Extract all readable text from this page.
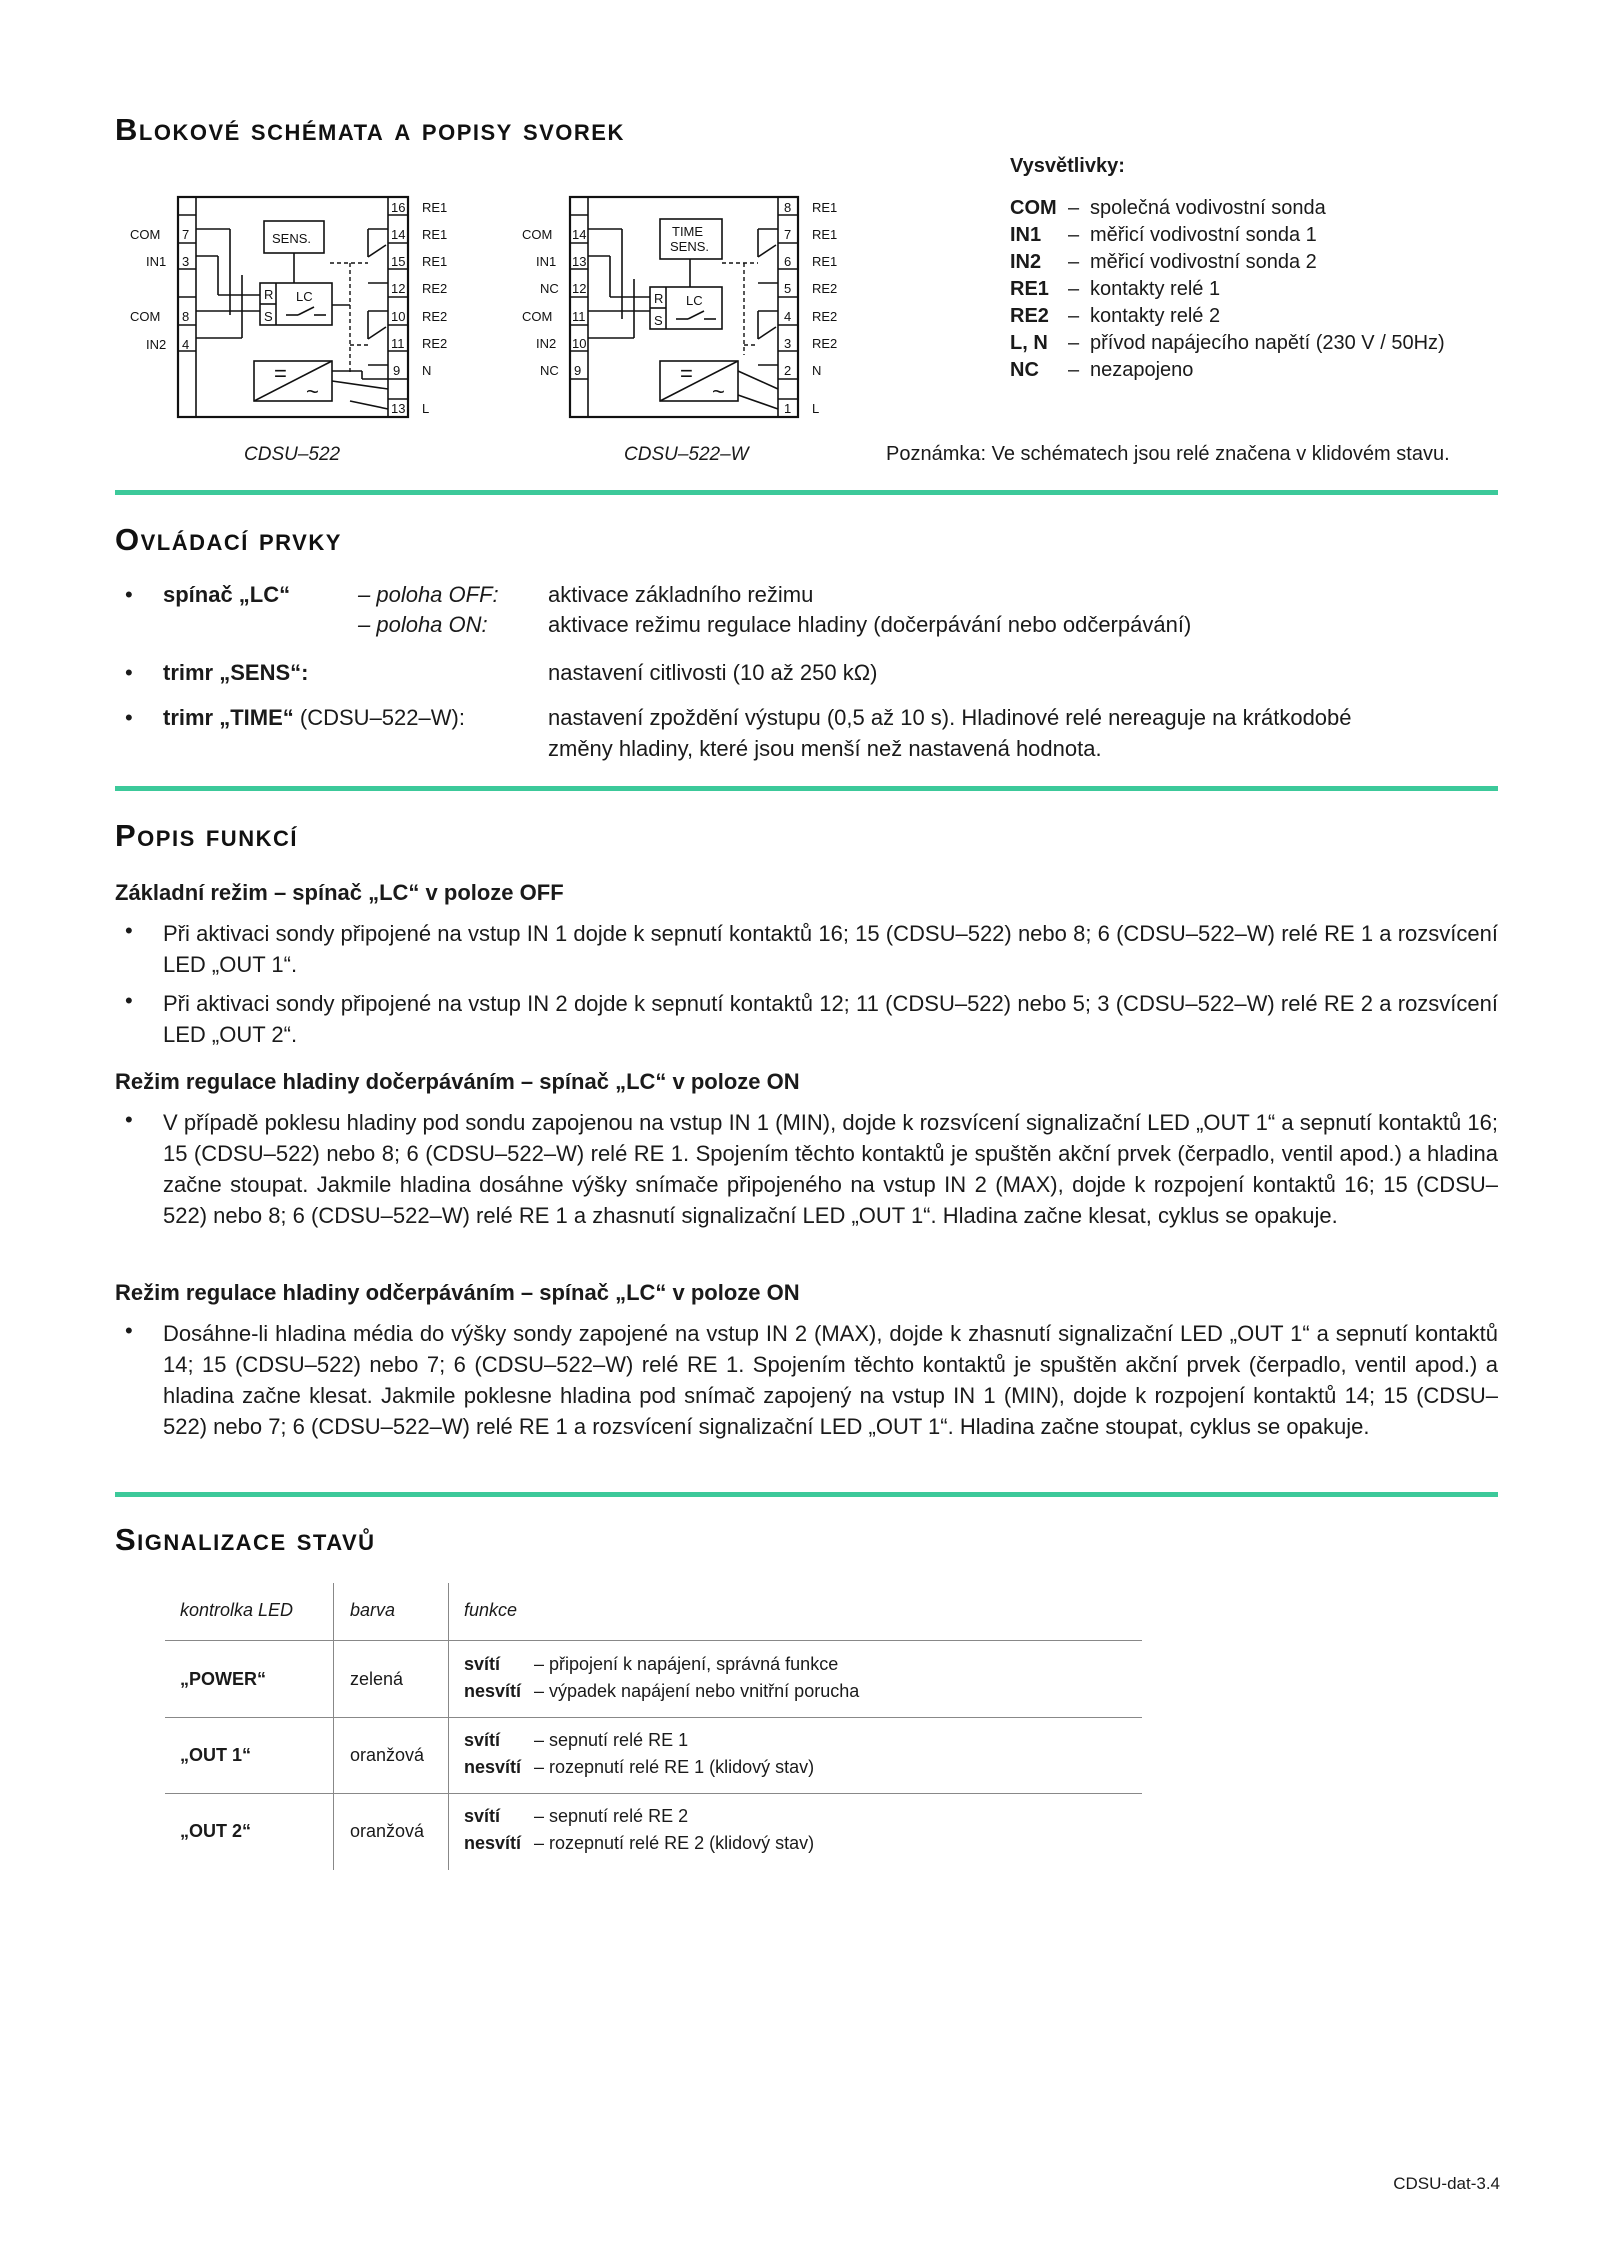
Blokové schémata a popisy svorek
COM
IN1
COM
IN2
7
3
8
4
16
14
15
12
10
11
9
13
RE1
RE1
RE1
RE2
RE2
RE2
N
L
SENS.
R
S
LC
=
~
CDSU–522
COM
IN1
NC
COM
IN2
NC
14
13
12
11
10
9
8
7
6
5
4
3
2
1
RE1
RE1
RE1
RE2
RE2
RE2
N
L
TIME
SENS.
R
S
LC
=
~
CDSU–522–W
Vysvětlivky:
COM – společná vodivostní sonda
IN1 – měřicí vodivostní sonda 1
IN2 – měřicí vodivostní sonda 2
RE1 – kontakty relé 1
RE2 – kontakty relé 2
L, N – přívod napájecího napětí (230 V / 50Hz)
NC – nezapojeno
Poznámka: Ve schématech jsou relé značena v klidovém stavu.
Ovládací prvky
• spínač „LC“	– poloha OFF: aktivace základního režimu
– poloha ON:	aktivace režimu regulace hladiny (dočerpávání nebo odčerpávání)
• trimr „SENS“:	nastavení citlivosti (10 až 250 kΩ)
• trimr „TIME“ (CDSU–522–W):	nastavení zpoždění výstupu (0,5 až 10 s). Hladinové relé nereaguje na krátkodobé
změny hladiny, které jsou menší než nastavená hodnota.
Popis funkcí
Základní režim – spínač „LC“ v poloze OFF
• Při aktivaci sondy připojené na vstup IN 1 dojde k sepnutí kontaktů 16; 15 (CDSU–522) nebo 8; 6 (CDSU–522–W) relé RE 1 a rozsvícení LED „OUT 1“.

• Při aktivaci sondy připojené na vstup IN 2 dojde k sepnutí kontaktů 12; 11 (CDSU–522) nebo 5; 3 (CDSU–522–W) relé RE 2 a rozsvícení LED „OUT 2“.

Režim regulace hladiny dočerpáváním – spínač „LC“ v poloze ON
• V případě poklesu hladiny pod sondu zapojenou na vstup IN 1 (MIN), dojde k rozsvícení signalizační LED „OUT 1“ a sepnutí kontaktů 16; 15 (CDSU–522) nebo 8; 6 (CDSU–522–W) relé RE 1. Spojením těchto kontaktů je spuštěn akční prvek (čerpadlo, ventil apod.) a hladina začne stoupat. Jakmile hladina dosáhne výšky snímače připojeného na vstup IN 2 (MAX), dojde k rozpojení kontaktů 16; 15 (CDSU–522) nebo 8; 6 (CDSU–522–W) relé RE 1 a zhasnutí signalizační LED „OUT 1“. Hladina začne klesat, cyklus se opakuje.

Režim regulace hladiny odčerpáváním – spínač „LC“ v poloze ON
• Dosáhne-li hladina média do výšky sondy zapojené na vstup IN 2 (MAX), dojde k zhasnutí signalizační LED „OUT 1“ a sepnutí kontaktů 14; 15 (CDSU–522) nebo 7; 6 (CDSU–522–W) relé RE 1. Spojením těchto kontaktů je spuštěn akční prvek (čerpadlo, ventil apod.) a hladina začne klesat. Jakmile poklesne hladina pod snímač zapojený na vstup IN 1 (MIN), dojde k rozpojení kontaktů 14; 15 (CDSU–522) nebo 7; 6 (CDSU–522–W) relé RE 1 a rozsvícení signalizační LED „OUT 1“. Hladina začne stoupat, cyklus se opakuje.

Signalizace stavů
kontrolka LED	barva	funkce
„POWER“	zelená
svítí – připojení k napájení, správná funkce
nesvítí – výpadek napájení nebo vnitřní porucha
„OUT 1“	oranžová
svítí – sepnutí relé RE 1
nesvítí – rozepnutí relé RE 1 (klidový stav)
„OUT 2“	oranžová
svítí – sepnutí relé RE 2
nesvítí – rozepnutí relé RE 2 (klidový stav)
CDSU-dat-3.4
